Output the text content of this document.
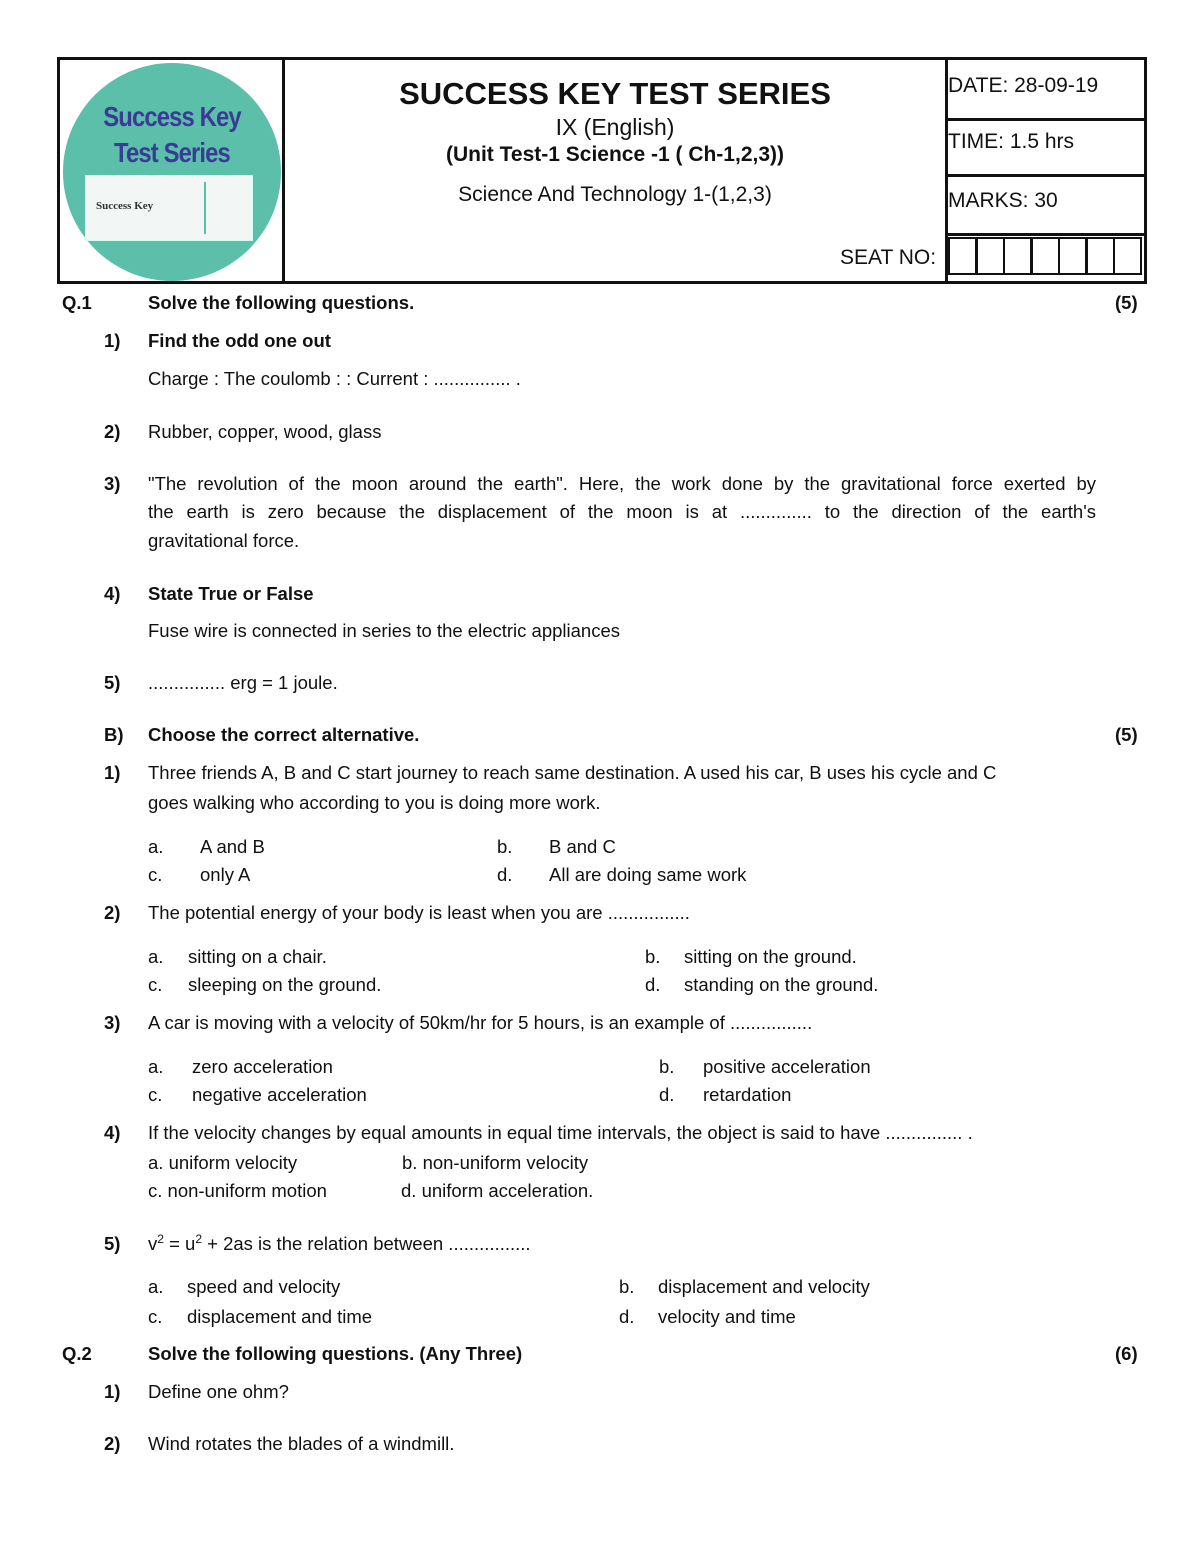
Success Key
Test Series
Success Key
SUCCESS KEY TEST SERIES
IX (English)
(Unit Test-1 Science -1 ( Ch-1,2,3))
Science And Technology 1-(1,2,3)
SEAT NO:
DATE: 28-09-19
TIME: 1.5 hrs
MARKS: 30
Q.1	Solve the following questions.	(5)
1) Find the odd one out
Charge : The coulomb : : Current : ............... .
2) Rubber, copper, wood, glass
3) "The revolution of the moon around the earth". Here, the work done by the gravitational force exerted by
the earth is zero because the displacement of the moon is at .............. to the direction of the earth's
gravitational force.
4) State True or False
Fuse wire is connected in series to the electric appliances
5) ............... erg = 1 joule.
B) Choose the correct alternative.	(5)
1) Three friends A, B and C start journey to reach same destination. A used his car, B uses his cycle and C
goes walking who according to you is doing more work.
a. A and B	b. B and C
c. only A	d. All are doing same work
2) The potential energy of your body is least when you are ................
a. sitting on a chair.	b. sitting on the ground.
c. sleeping on the ground.	d. standing on the ground.
3) A car is moving with a velocity of 50km/hr for 5 hours, is an example of ................
a. zero acceleration	b. positive acceleration
c. negative acceleration	d. retardation
4) If the velocity changes by equal amounts in equal time intervals, the object is said to have ............... .
a. uniform velocity	b. non-uniform velocity
c. non-uniform motion	d. uniform acceleration.
5) $v^2 = u^2 + 2as$ is the relation between ................
a. speed and velocity	b. displacement and velocity
c. displacement and time	d. velocity and time
Q.2	Solve the following questions. (Any Three)	(6)
1) Define one ohm?
2) Wind rotates the blades of a windmill.
